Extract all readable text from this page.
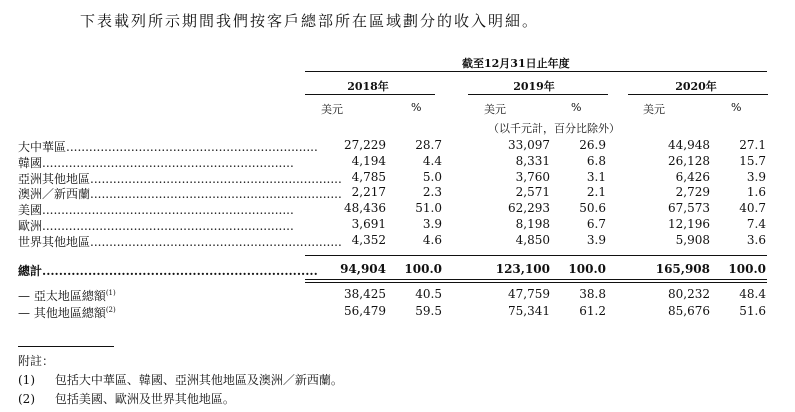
下表載列所示期間我們按客戶總部所在區域劃分的收入明細。
截至12月31日止年度
2018年	2019年	2020年
美元	%	美元	%	美元	%
（以千元計，百分比除外）
大中華區.................................................................. 27,229 28.7	33,097 26.9	44,948 27.1
韓國..................................................................	4,194	4.4	8,331	6.8	26,128 15.7
亞洲其他地區.................................................................. 4,785	5.0	3,760	3.1	6,426	3.9
澳洲／新西蘭.................................................................. 2,217	2.3	2,571	2.1	2,729	1.6
美國..................................................................	48,436 51.0	62,293 50.6	67,573 40.7
歐洲..................................................................	3,691	3.9	8,198	6.7	12,196	7.4
世界其他地區.................................................................. 4,352	4.6	4,850	3.9	5,908	3.6
總計.................................................................. 94,904 100.0	123,100 100.0	165,908 100.0
— 亞太地區總額$^{(1)}$	38,425 40.5	47,759 38.8	80,232 48.4
— 其他地區總額$^{(2)}$	56,479 59.5	75,341 61.2	85,676 51.6
附註：
(1) 包括大中華區、韓國、亞洲其他地區及澳洲／新西蘭。
(2) 包括美國、歐洲及世界其他地區。
